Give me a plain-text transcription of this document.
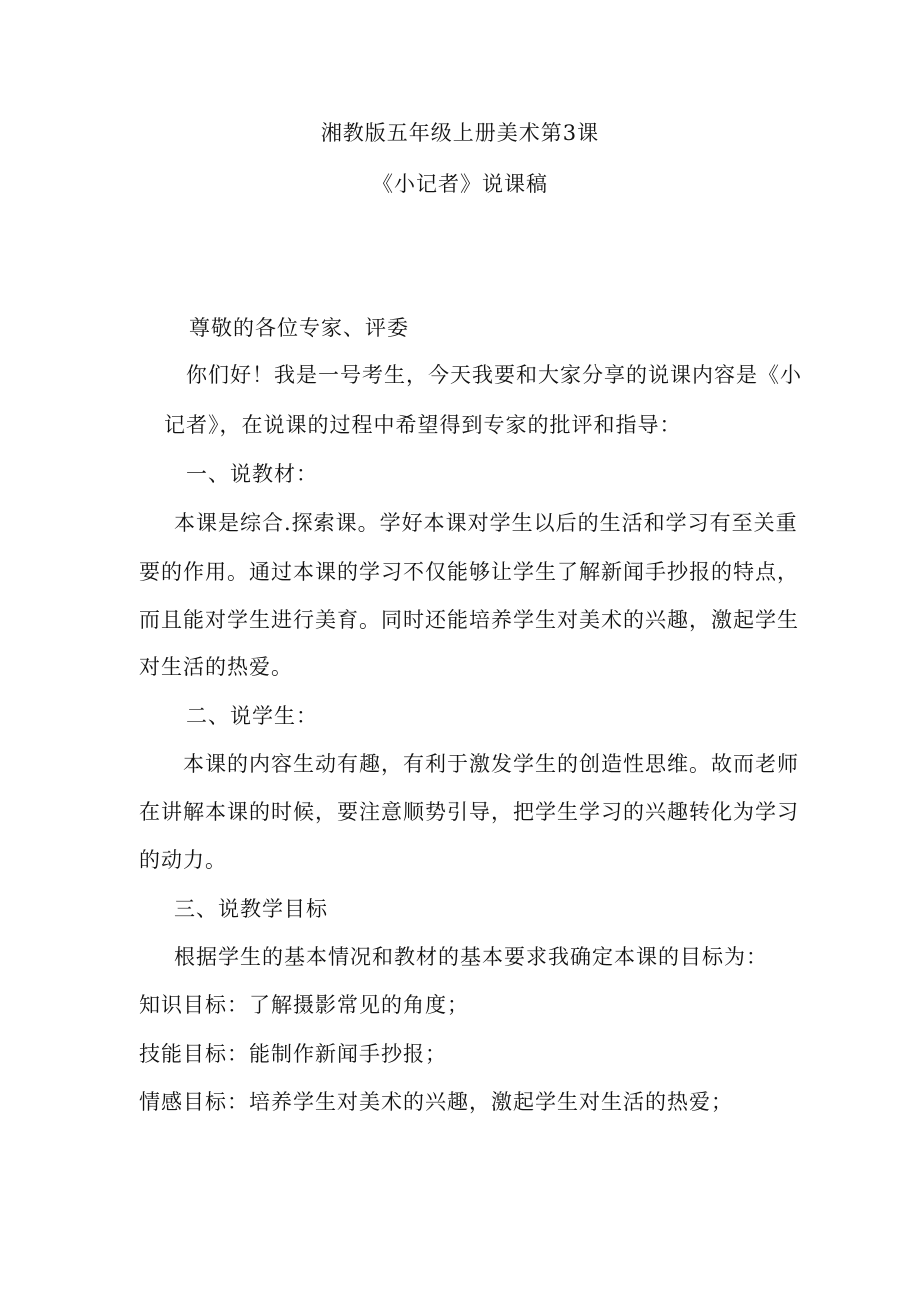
湘教版五年级上册美术第3课
《小记者》说课稿
尊敬的各位专家、评委
你们好！我是一号考生，今天我要和大家分享的说课内容是《小
记者》，在说课的过程中希望得到专家的批评和指导：
一、说教材：
本课是综合.探索课。学好本课对学生以后的生活和学习有至关重
要的作用。通过本课的学习不仅能够让学生了解新闻手抄报的特点，
而且能对学生进行美育。同时还能培养学生对美术的兴趣，激起学生
对生活的热爱。
二、说学生：
本课的内容生动有趣，有利于激发学生的创造性思维。故而老师
在讲解本课的时候，要注意顺势引导，把学生学习的兴趣转化为学习
的动力。
三、说教学目标
根据学生的基本情况和教材的基本要求我确定本课的目标为：
知识目标：了解摄影常见的角度；
技能目标：能制作新闻手抄报；
情感目标：培养学生对美术的兴趣，激起学生对生活的热爱；
